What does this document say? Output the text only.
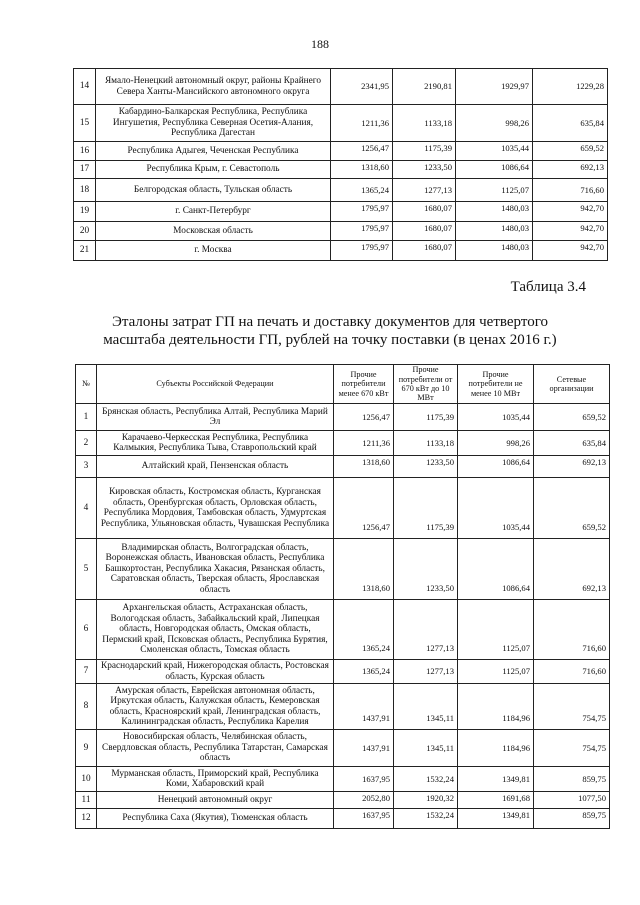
188
14	Ямало-Ненецкий автономный округ, районы Крайнего Севера Ханты-Мансийского автономного округа	2341,95	2190,81	1929,97	1229,28
15	Кабардино-Балкарская Республика, Республика Ингушетия, Республика Северная Осетия-Алания, Республика Дагестан	1211,36	1133,18	998,26	635,84
16	Республика Адыгея, Чеченская Республика	1256,47	1175,39	1035,44	659,52
17	Республика Крым, г. Севастополь	1318,60	1233,50	1086,64	692,13
18	Белгородская область, Тульская область	1365,24	1277,13	1125,07	716,60
19	г. Санкт-Петербург	1795,97	1680,07	1480,03	942,70
20	Московская область	1795,97	1680,07	1480,03	942,70
21	г. Москва	1795,97	1680,07	1480,03	942,70
Таблица 3.4
Эталоны затрат ГП на печать и доставку документов для четвертого масштаба деятельности ГП, рублей на точку поставки (в ценах 2016 г.)
№	Субъекты Российской Федерации	Прочие потребители менее 670 кВт	Прочие потребители от 670 кВт до 10 МВт	Прочие потребители не менее 10 МВт	Сетевые организации
1	Брянская область, Республика Алтай, Республика Марий Эл	1256,47	1175,39	1035,44	659,52
2	Карачаево-Черкесская Республика, Республика Калмыкия, Республика Тыва, Ставропольский край	1211,36	1133,18	998,26	635,84
3	Алтайский край, Пензенская область	1318,60	1233,50	1086,64	692,13
4	Кировская область, Костромская область, Курганская область, Оренбургская область, Орловская область, Республика Мордовия, Тамбовская область, Удмуртская Республика, Ульяновская область, Чувашская Республика	1256,47	1175,39	1035,44	659,52
5	Владимирская область, Волгоградская область, Воронежская область, Ивановская область, Республика Башкортостан, Республика Хакасия, Рязанская область, Саратовская область, Тверская область, Ярославская область	1318,60	1233,50	1086,64	692,13
6	Архангельская область, Астраханская область, Вологодская область, Забайкальский край, Липецкая область, Новгородская область, Омская область, Пермский край, Псковская область, Республика Бурятия, Смоленская область, Томская область	1365,24	1277,13	1125,07	716,60
7	Краснодарский край, Нижегородская область, Ростовская область, Курская область	1365,24	1277,13	1125,07	716,60
8	Амурская область, Еврейская автономная область, Иркутская область, Калужская область, Кемеровская область, Красноярский край, Ленинградская область, Калининградская область, Республика Карелия	1437,91	1345,11	1184,96	754,75
9	Новосибирская область, Челябинская область, Свердловская область, Республика Татарстан, Самарская область	1437,91	1345,11	1184,96	754,75
10	Мурманская область, Приморский край, Республика Коми, Хабаровский край	1637,95	1532,24	1349,81	859,75
11	Ненецкий автономный округ	2052,80	1920,32	1691,68	1077,50
12	Республика Саха (Якутия), Тюменская область	1637,95	1532,24	1349,81	859,75
